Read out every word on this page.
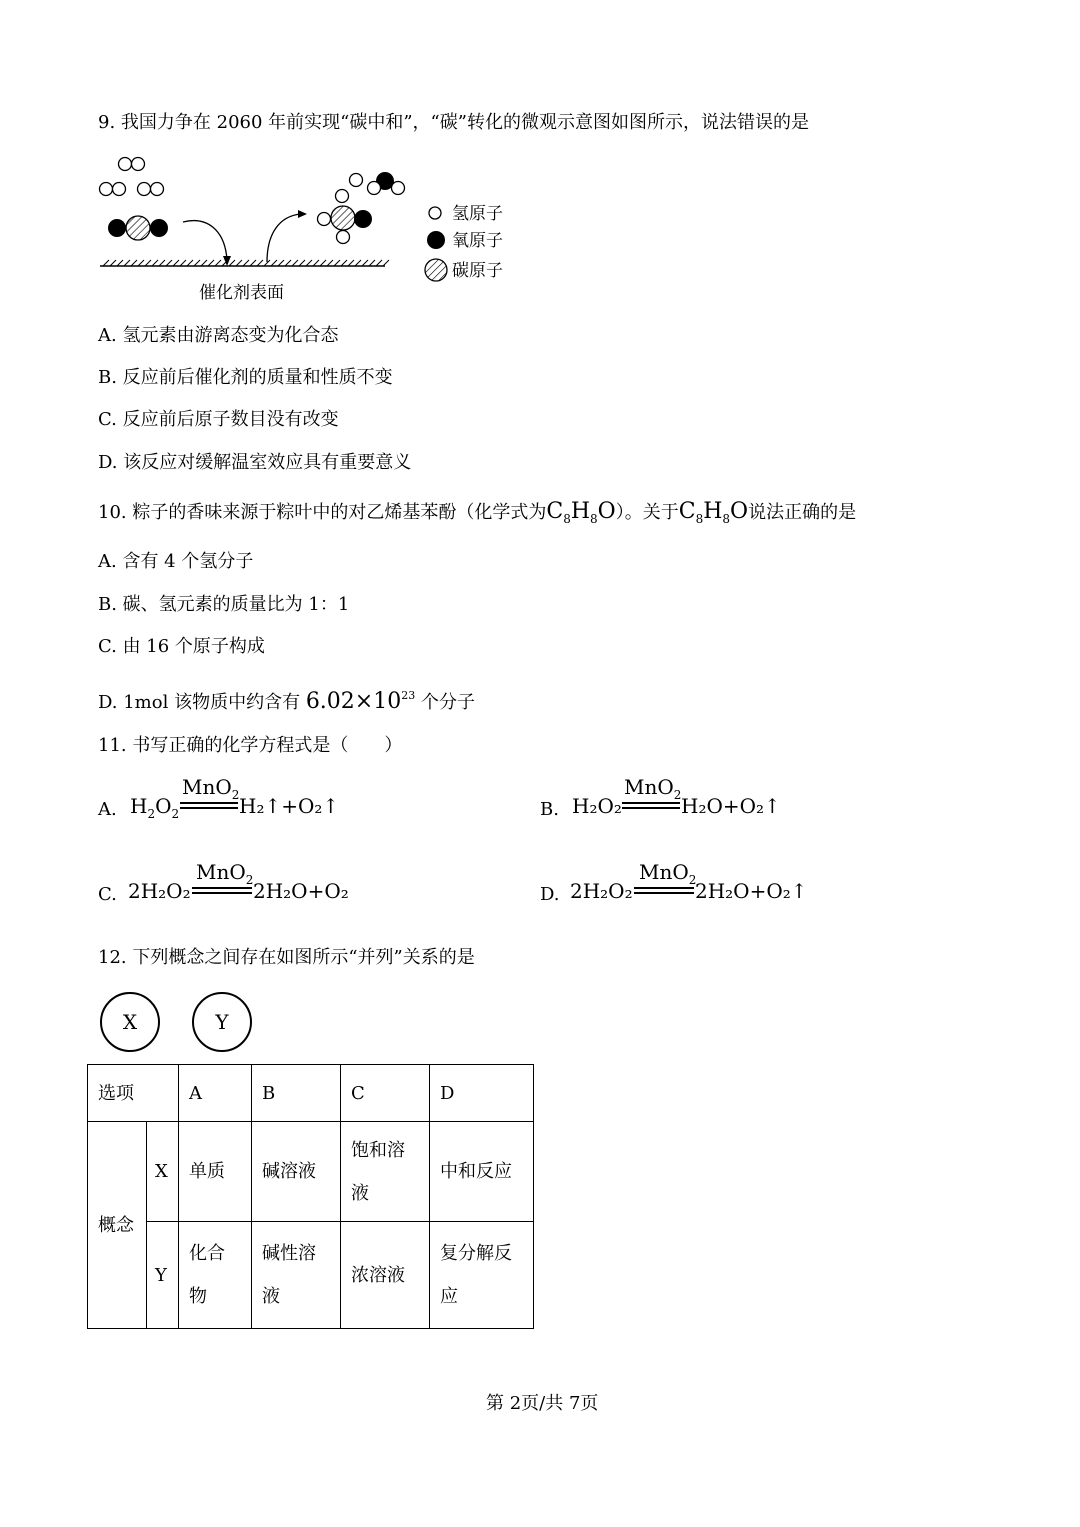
9. 我国力争在 2060 年前实现“碳中和”，“碳”转化的微观示意图如图所示，说法错误的是
氢原子
氧原子
碳原子
催化剂表面
A. 氢元素由游离态变为化合态
B. 反应前后催化剂的质量和性质不变
C. 反应前后原子数目没有改变
D. 该反应对缓解温室效应具有重要意义
10. 粽子的香味来源于粽叶中的对乙烯基苯酚（化学式为$C_8H_8O$）。关于$C_8H_8O$说法正确的是
A. 含有 4 个氢分子
B. 碳、氢元素的质量比为 1：1
C. 由 16 个原子构成
D. 1mol 该物质中约含有 $6.02\times 10^{23}$ 个分子
11. 书写正确的化学方程式是（　　）
A. $H_2O_2$
MnO$_2$ H₂↑+O₂↑	B. H₂O₂
MnO$_2$ H₂O+O₂↑
C. 2H₂O₂
MnO$_2$ 2H₂O+O₂	D. 2H₂O₂
MnO$_2$
2H₂O+O₂↑
12. 下列概念之间存在如图所示“并列”关系的是
X	Y
选项		A	B	C	D
概念	X	单质	碱溶液	饱和溶液	中和反应
	Y	化合物	碱性溶液	浓溶液	复分解反应
第 2页/共 7页
